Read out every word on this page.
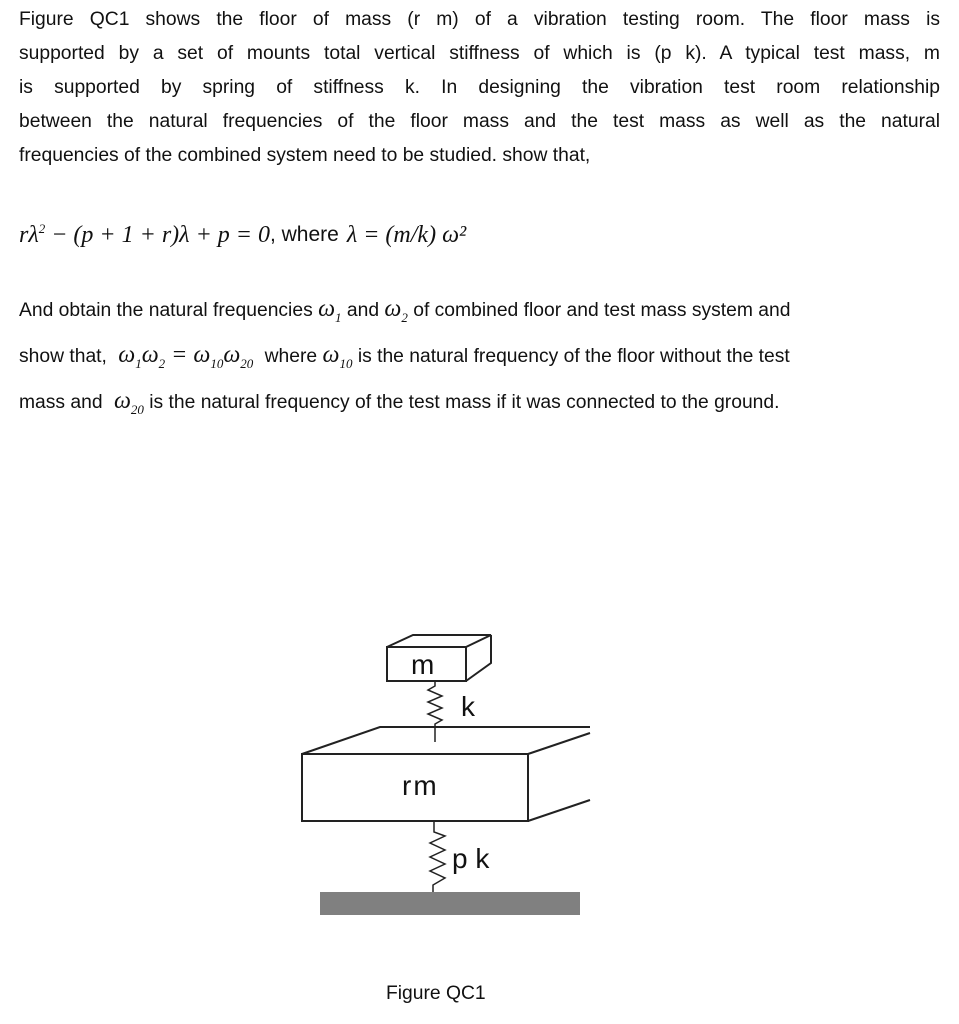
Figure QC1 shows the floor of mass (r m) of a vibration testing room. The floor mass is
supported by a set of mounts total vertical stiffness of which is (p k). A typical test mass, m
is supported by spring of stiffness k. In designing the vibration test room relationship
between the natural frequencies of the floor mass and the test mass as well as the natural
frequencies of the combined system need to be studied. show that,
$r\lambda^2 - (p + 1 + r)\lambda + p = 0$ , where λ = (m/k) ω²
And obtain the natural frequencies $\omega_1$ and $\omega_2$ of combined floor and test mass system and
show that,  $\omega_1\omega_2 = \omega_{10}\omega_{20}$ where $\omega_{10}$ is the natural frequency of the floor without the test
mass and  $\omega_{20}$ is the natural frequency of the test mass if it was connected to the ground.
m
k
rm
p k
Figure QC1
